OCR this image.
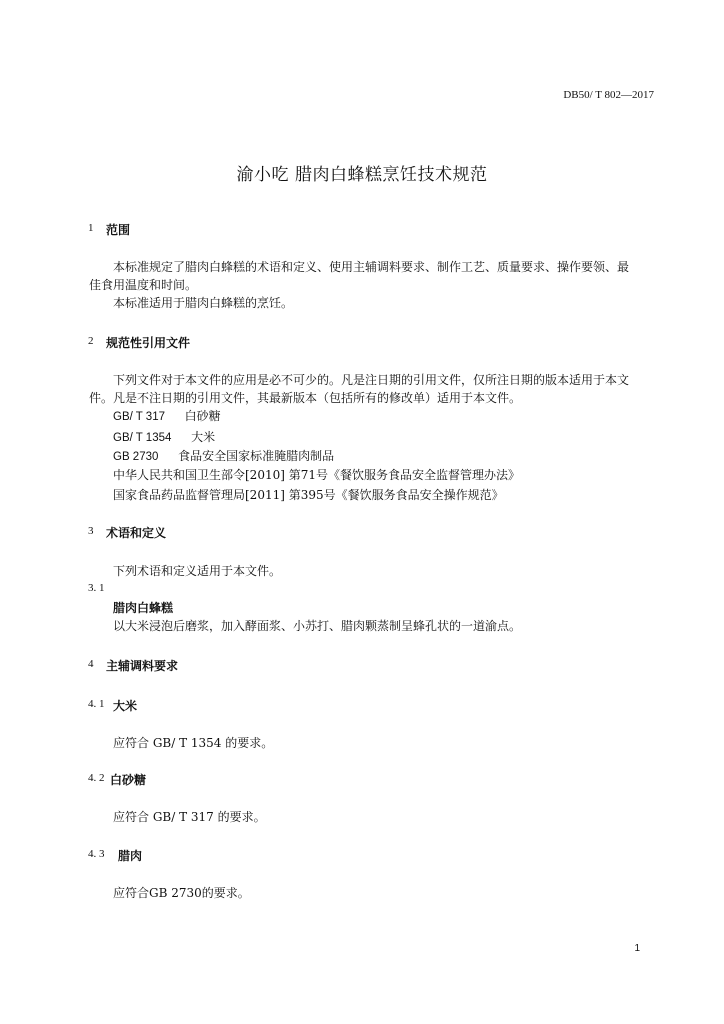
DB50/ T 802—2017
渝小吃 腊肉白蜂糕烹饪技术规范
1 范围
本标准规定了腊肉白蜂糕的术语和定义、使用主辅调料要求、制作工艺、质量要求、操作要领、最
佳食用温度和时间。
本标准适用于腊肉白蜂糕的烹饪。
2 规范性引用文件
下列文件对于本文件的应用是必不可少的。凡是注日期的引用文件，仅所注日期的版本适用于本文
件。凡是不注日期的引用文件，其最新版本（包括所有的修改单）适用于本文件。
GB/ T 317 白砂糖
GB/ T 1354 大米
GB 2730 食品安全国家标准腌腊肉制品
中华人民共和国卫生部令[2010] 第71号《餐饮服务食品安全监督管理办法》
国家食品药品监督管理局[2011] 第395号《餐饮服务食品安全操作规范》
3 术语和定义
下列术语和定义适用于本文件。
3. 1
腊肉白蜂糕
以大米浸泡后磨浆，加入酵面浆、小苏打、腊肉颗蒸制呈蜂孔状的一道渝点。
4 主辅调料要求
4. 1 大米
应符合 GB/ T 1354 的要求。
4. 2 白砂糖
应符合 GB/ T 317 的要求。
4. 3 腊肉
应符合GB 2730的要求。
1
